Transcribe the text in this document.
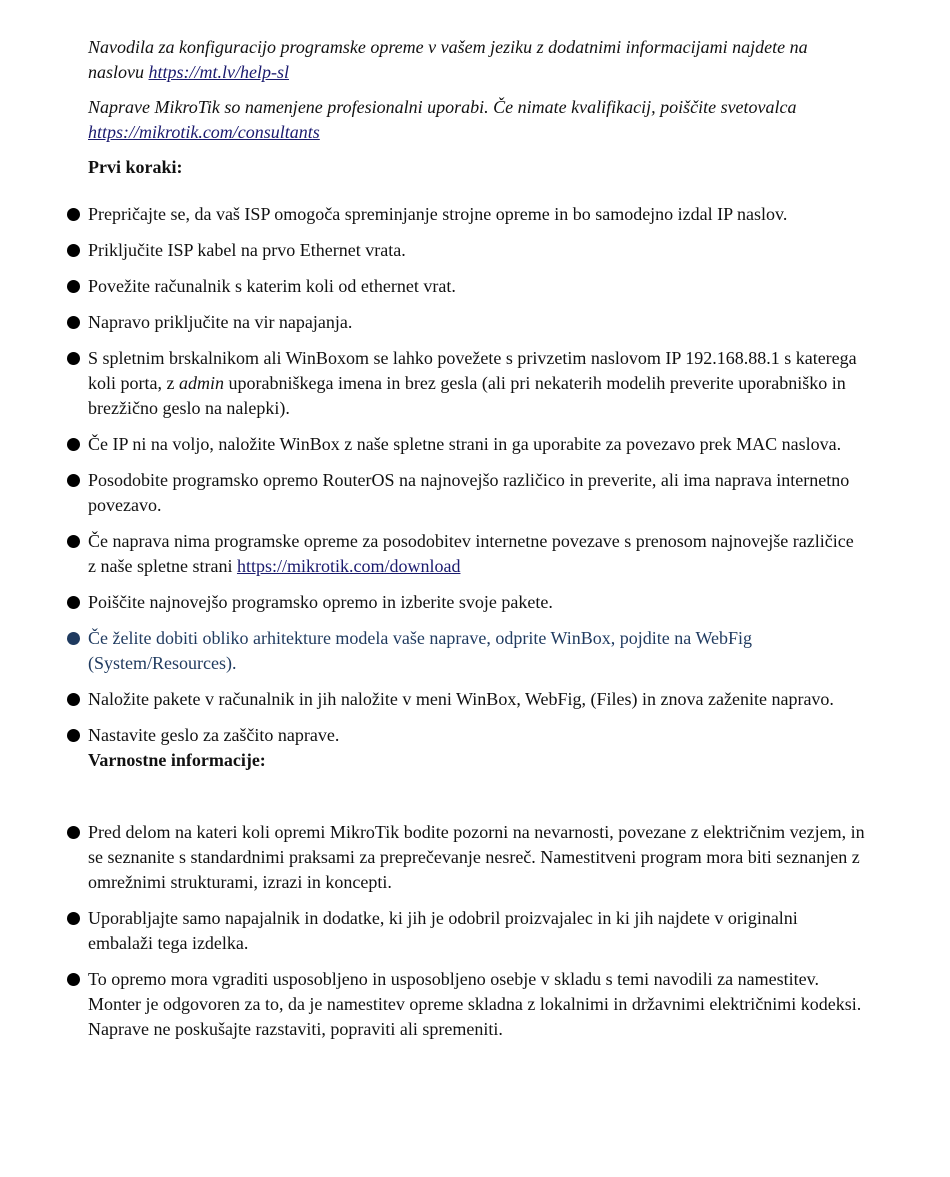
Navodila za konfiguracijo programske opreme v vašem jeziku z dodatnimi informacijami najdete na naslovu https://mt.lv/help-sl

Naprave MikroTik so namenjene profesionalni uporabi. Če nimate kvalifikacij, poiščite svetovalca https://mikrotik.com/consultants

Prvi koraki:

Prepričajte se, da vaš ISP omogoča spreminjanje strojne opreme in bo samodejno izdal IP naslov.
Priključite ISP kabel na prvo Ethernet vrata.
Povežite računalnik s katerim koli od ethernet vrat.
Napravo priključite na vir napajanja.
S spletnim brskalnikom ali WinBoxom se lahko povežete s privzetim naslovom IP 192.168.88.1 s katerega koli porta, z admin uporabniškega imena in brez gesla (ali pri nekaterih modelih preverite uporabniško in brezžično geslo na nalepki).
Če IP ni na voljo, naložite WinBox z naše spletne strani in ga uporabite za povezavo prek MAC naslova.
Posodobite programsko opremo RouterOS na najnovejšo različico in preverite, ali ima naprava internetno povezavo.
Če naprava nima programske opreme za posodobitev internetne povezave s prenosom najnovejše različice z naše spletne strani https://mikrotik.com/download
Poiščite najnovejšo programsko opremo in izberite svoje pakete.
Če želite dobiti obliko arhitekture modela vaše naprave, odprite WinBox, pojdite na WebFig (System/Resources).
Naložite pakete v računalnik in jih naložite v meni WinBox, WebFig, (Files) in znova zaženite napravo.
Nastavite geslo za zaščito naprave.
Varnostne informacije:
Pred delom na kateri koli opremi MikroTik bodite pozorni na nevarnosti, povezane z električnim vezjem, in se seznanite s standardnimi praksami za preprečevanje nesreč. Namestitveni program mora biti seznanjen z omrežnimi strukturami, izrazi in koncepti.
Uporabljajte samo napajalnik in dodatke, ki jih je odobril proizvajalec in ki jih najdete v originalni embalaži tega izdelka.
To opremo mora vgraditi usposobljeno in usposobljeno osebje v skladu s temi navodili za namestitev. Monter je odgovoren za to, da je namestitev opreme skladna z lokalnimi in državnimi električnimi kodeksi. Naprave ne poskušajte razstaviti, popraviti ali spremeniti.
